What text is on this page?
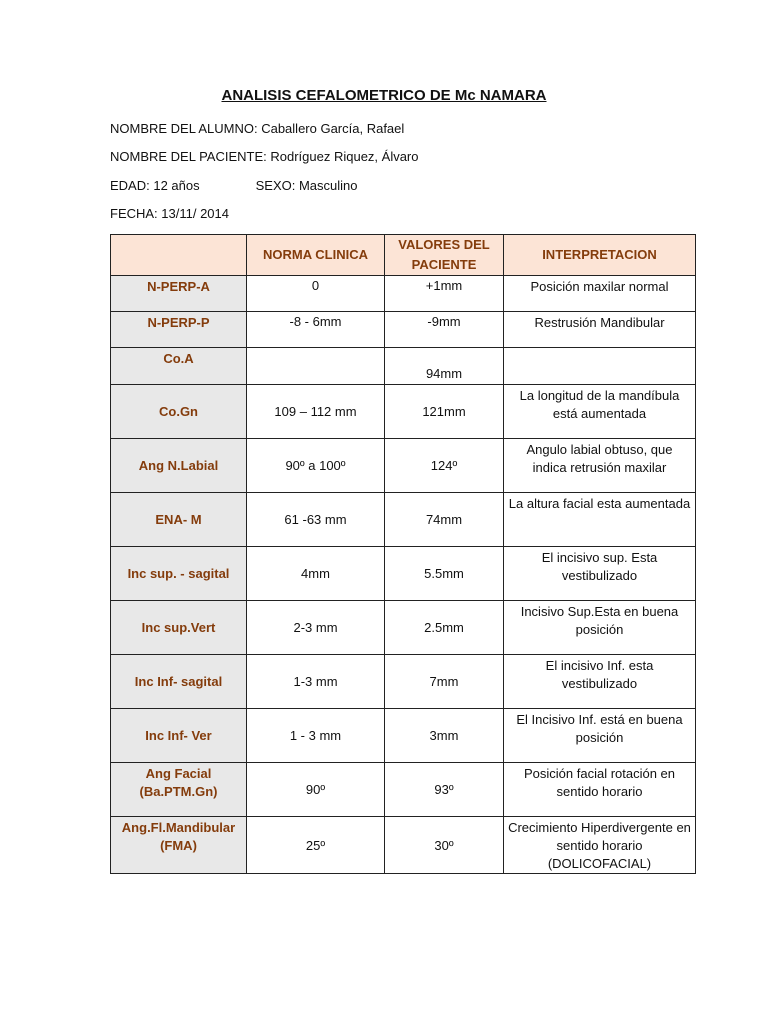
ANALISIS CEFALOMETRICO DE Mc NAMARA
NOMBRE DEL ALUMNO: Caballero García, Rafael
NOMBRE DEL PACIENTE: Rodríguez Riquez, Álvaro
EDAD: 12 años	SEXO: Masculino
FECHA: 13/11/ 2014
	NORMA CLINICA	VALORES DEL PACIENTE	INTERPRETACION
N-PERP-A	0	+1mm	Posición maxilar normal
N-PERP-P	-8 - 6mm	-9mm	Restrusión Mandibular
Co.A		94mm	
Co.Gn	109 – 112 mm	121mm	La longitud de la mandíbula está aumentada
Ang N.Labial	90º a 100º	124º	Angulo labial obtuso, que indica retrusión maxilar
ENA- M	61 -63 mm	74mm	La altura facial esta aumentada
Inc sup. - sagital	4mm	5.5mm	El incisivo sup. Esta vestibulizado
Inc sup.Vert	2-3 mm	2.5mm	Incisivo Sup.Esta en buena posición
Inc Inf- sagital	1-3 mm	7mm	El incisivo Inf. esta vestibulizado
Inc Inf- Ver	1 - 3 mm	3mm	El Incisivo Inf. está en buena posición
Ang Facial (Ba.PTM.Gn)	90º	93º	Posición facial rotación en sentido horario
Ang.Fl.Mandibular (FMA)	25º	30º	Crecimiento Hiperdivergente en sentido horario (DOLICOFACIAL)
